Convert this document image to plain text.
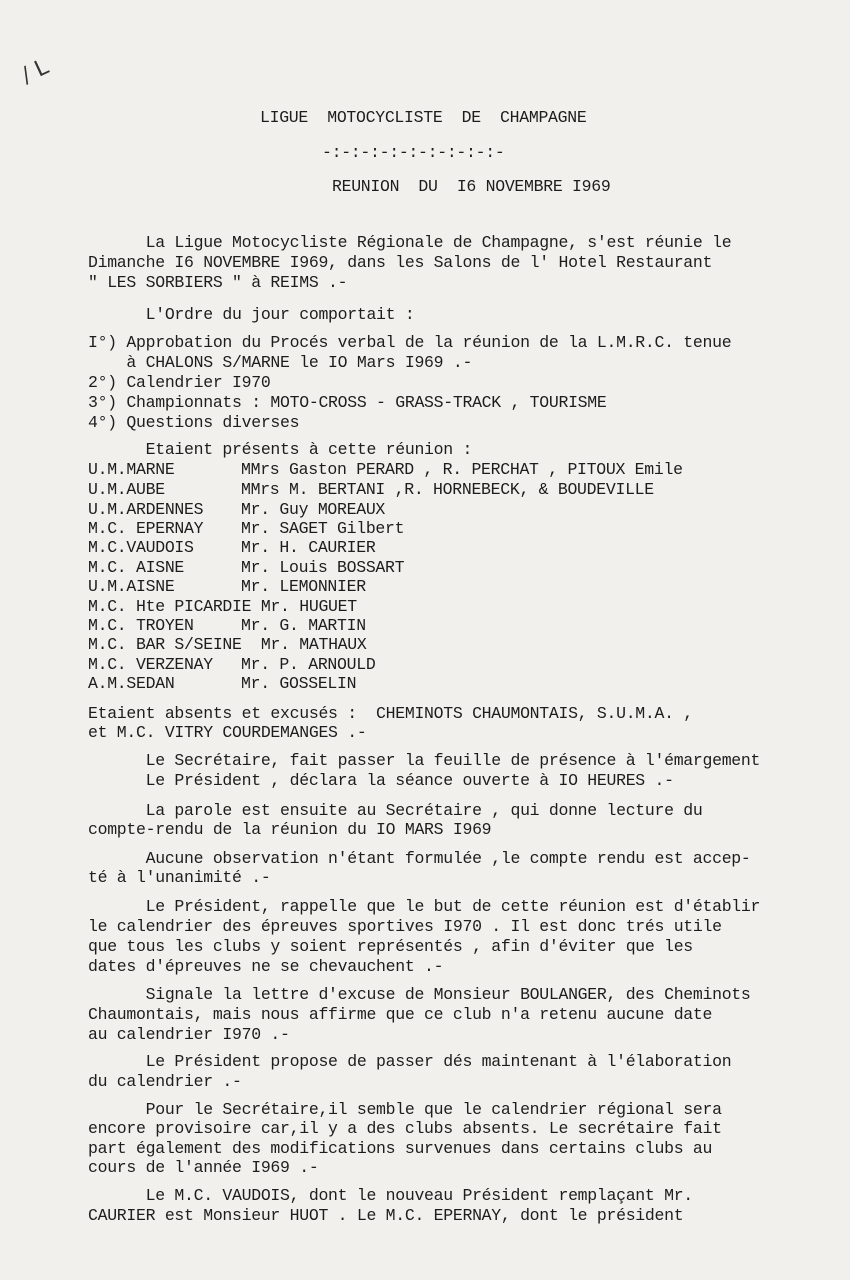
/ ᒪ
LIGUE  MOTOCYCLISTE  DE  CHAMPAGNE
-:-:-:-:-:-:-:-:-:-
REUNION  DU  I6 NOVEMBRE I969
La Ligue Motocycliste Régionale de Champagne, s'est réunie le
Dimanche I6 NOVEMBRE I969, dans les Salons de l' Hotel Restaurant
" LES SORBIERS " à REIMS .-
L'Ordre du jour comportait :
I°) Approbation du Procés verbal de la réunion de la L.M.R.C. tenue
à CHALONS S/MARNE le IO Mars I969 .-
2°) Calendrier I970
3°) Championnats : MOTO-CROSS - GRASS-TRACK , TOURISME
4°) Questions diverses
Etaient présents à cette réunion :
U.M.MARNE	MMrs Gaston PERARD , R. PERCHAT , PITOUX Emile
U.M.AUBE	MMrs M. BERTANI ,R. HORNEBECK, & BOUDEVILLE
U.M.ARDENNES Mr. Guy MOREAUX
M.C. EPERNAY Mr. SAGET Gilbert
M.C.VAUDOIS	Mr. H. CAURIER
M.C. AISNE	Mr. Louis BOSSART
U.M.AISNE	Mr. LEMONNIER
M.C. Hte PICARDIE Mr. HUGUET
M.C. TROYEN	Mr. G. MARTIN
M.C. BAR S/SEINE Mr. MATHAUX
M.C. VERZENAY Mr. P. ARNOULD
A.M.SEDAN	Mr. GOSSELIN
Etaient absents et excusés :  CHEMINOTS CHAUMONTAIS, S.U.M.A. ,
et M.C. VITRY COURDEMANGES .-
Le Secrétaire, fait passer la feuille de présence à l'émargement
Le Président , déclara la séance ouverte à IO HEURES .-
La parole est ensuite au Secrétaire , qui donne lecture du
compte-rendu de la réunion du IO MARS I969
Aucune observation n'étant formulée ,le compte rendu est accep-
té à l'unanimité .-
Le Président, rappelle que le but de cette réunion est d'établir
le calendrier des épreuves sportives I970 . Il est donc trés utile
que tous les clubs y soient représentés , afin d'éviter que les
dates d'épreuves ne se chevauchent .-
Signale la lettre d'excuse de Monsieur BOULANGER, des Cheminots
Chaumontais, mais nous affirme que ce club n'a retenu aucune date
au calendrier I970 .-
Le Président propose de passer dés maintenant à l'élaboration
du calendrier .-
Pour le Secrétaire,il semble que le calendrier régional sera
encore provisoire car,il y a des clubs absents. Le secrétaire fait
part également des modifications survenues dans certains clubs au
cours de l'année I969 .-
Le M.C. VAUDOIS, dont le nouveau Président remplaçant Mr.
CAURIER est Monsieur HUOT . Le M.C. EPERNAY, dont le président
